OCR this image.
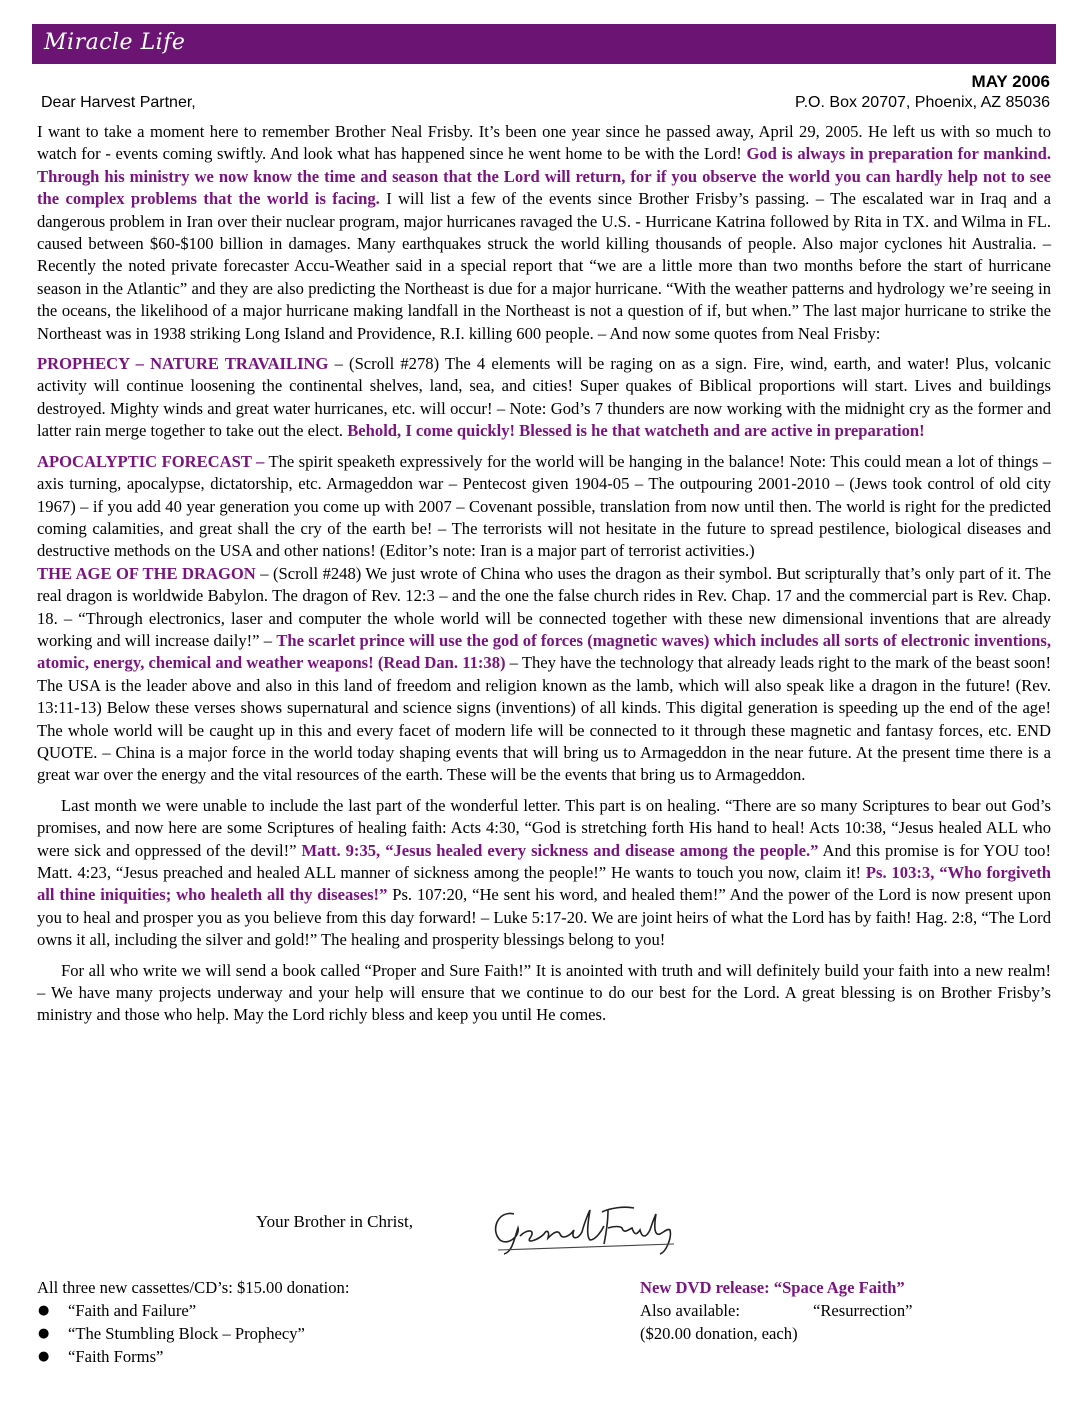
Miracle Life
MAY 2006
Dear Harvest Partner,	P.O. Box 20707, Phoenix, AZ 85036

I want to take a moment here to remember Brother Neal Frisby. It’s been one year since he passed away, April 29, 2005. He left us with so much to watch for - events coming swiftly. And look what has happened since he went home to be with the Lord! God is always in preparation for mankind. Through his ministry we now know the time and season that the Lord will return, for if you observe the world you can hardly help not to see the complex problems that the world is facing. I will list a few of the events since Brother Frisby’s passing. – The escalated war in Iraq and a dangerous problem in Iran over their nuclear program, major hurricanes ravaged the U.S. - Hurricane Katrina followed by Rita in TX. and Wilma in FL. caused between $60-$100 billion in damages. Many earthquakes struck the world killing thousands of people. Also major cyclones hit Australia. – Recently the noted private forecaster Accu-Weather said in a special report that “we are a little more than two months before the start of hurricane season in the Atlantic” and they are also predicting the Northeast is due for a major hurricane. “With the weather patterns and hydrology we’re seeing in the oceans, the likelihood of a major hurricane making landfall in the Northeast is not a question of if, but when.” The last major hurricane to strike the Northeast was in 1938 striking Long Island and Providence, R.I. killing 600 people. – And now some quotes from Neal Frisby:

PROPHECY – NATURE TRAVAILING – (Scroll #278) The 4 elements will be raging on as a sign. Fire, wind, earth, and water! Plus, volcanic activity will continue loosening the continental shelves, land, sea, and cities! Super quakes of Biblical proportions will start. Lives and buildings destroyed. Mighty winds and great water hurricanes, etc. will occur! – Note: God’s 7 thunders are now working with the midnight cry as the former and latter rain merge together to take out the elect. Behold, I come quickly! Blessed is he that watcheth and are active in preparation!

APOCALYPTIC FORECAST – The spirit speaketh expressively for the world will be hanging in the balance! Note: This could mean a lot of things – axis turning, apocalypse, dictatorship, etc. Armageddon war – Pentecost given 1904-05 – The outpouring 2001-2010 – (Jews took control of old city 1967) – if you add 40 year generation you come up with 2007 – Covenant possible, translation from now until then. The world is right for the predicted coming calamities, and great shall the cry of the earth be! – The terrorists will not hesitate in the future to spread pestilence, biological diseases and destructive methods on the USA and other nations! (Editor’s note: Iran is a major part of terrorist activities.)

THE AGE OF THE DRAGON – (Scroll #248) We just wrote of China who uses the dragon as their symbol. But scripturally that’s only part of it. The real dragon is worldwide Babylon. The dragon of Rev. 12:3 – and the one the false church rides in Rev. Chap. 17 and the commercial part is Rev. Chap. 18. – “Through electronics, laser and computer the whole world will be connected together with these new dimensional inventions that are already working and will increase daily!” – The scarlet prince will use the god of forces (magnetic waves) which includes all sorts of electronic inventions, atomic, energy, chemical and weather weapons! (Read Dan. 11:38) – They have the technology that already leads right to the mark of the beast soon! The USA is the leader above and also in this land of freedom and religion known as the lamb, which will also speak like a dragon in the future! (Rev. 13:11-13) Below these verses shows supernatural and science signs (inventions) of all kinds. This digital generation is speeding up the end of the age! The whole world will be caught up in this and every facet of modern life will be connected to it through these magnetic and fantasy forces, etc. END QUOTE. – China is a major force in the world today shaping events that will bring us to Armageddon in the near future. At the present time there is a great war over the energy and the vital resources of the earth. These will be the events that bring us to Armageddon.

Last month we were unable to include the last part of the wonderful letter. This part is on healing. “There are so many Scriptures to bear out God’s promises, and now here are some Scriptures of healing faith: Acts 4:30, “God is stretching forth His hand to heal! Acts 10:38, “Jesus healed ALL who were sick and oppressed of the devil!” Matt. 9:35, “Jesus healed every sickness and disease among the people.” And this promise is for YOU too! Matt. 4:23, “Jesus preached and healed ALL manner of sickness among the people!” He wants to touch you now, claim it! Ps. 103:3, “Who forgiveth all thine iniquities; who healeth all thy diseases!” Ps. 107:20, “He sent his word, and healed them!” And the power of the Lord is now present upon you to heal and prosper you as you believe from this day forward! – Luke 5:17-20. We are joint heirs of what the Lord has by faith! Hag. 2:8, “The Lord owns it all, including the silver and gold!” The healing and prosperity blessings belong to you!

For all who write we will send a book called “Proper and Sure Faith!” It is anointed with truth and will definitely build your faith into a new realm! – We have many projects underway and your help will ensure that we continue to do our best for the Lord. A great blessing is on Brother Frisby’s ministry and those who help. May the Lord richly bless and keep you until He comes.

Your Brother in Christ,
All three new cassettes/CD’s: $15.00 donation:
● “Faith and Failure”
● “The Stumbling Block – Prophecy”
● “Faith Forms”
New DVD release: “Space Age Faith”
Also available:	“Resurrection”
($20.00 donation, each)
